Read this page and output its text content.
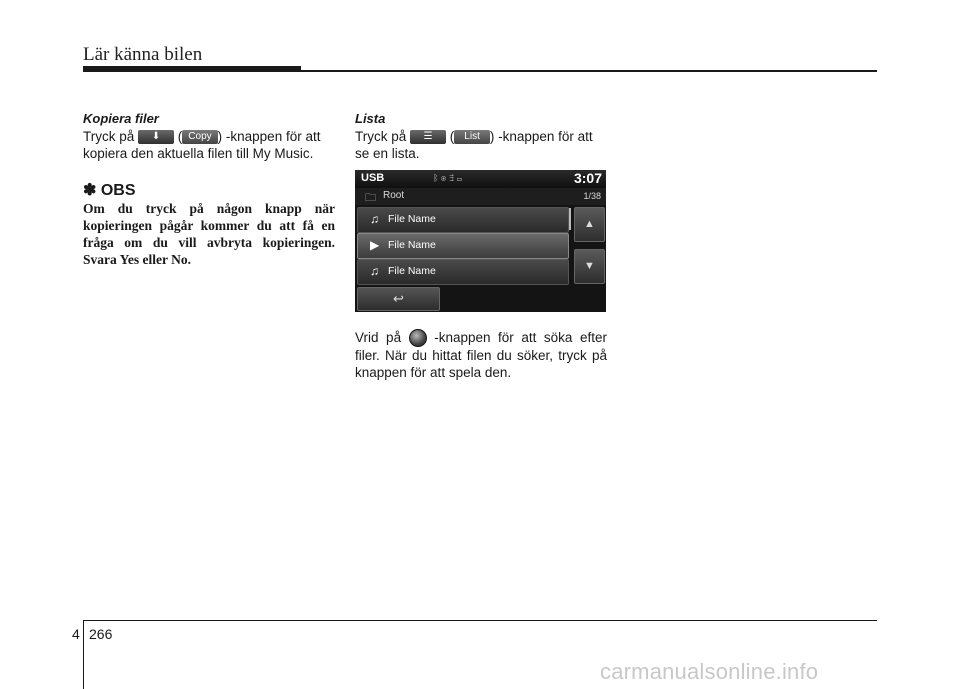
Lär känna bilen
Kopiera filer
Tryck på ⬇ ( Copy ) -knappen för att kopiera den aktuella filen till My Music.
✽ OBS
Om du tryck på någon knapp när kopieringen pågår kommer du att få en fråga om du vill avbryta kopieringen. Svara Yes eller No.
Lista
Tryck på ☰ ( List ) -knappen för att se en lista.
USB	ᛒ ◉ ⇶ ▭	3:07
🗀 Root	1/38
♫ File Name
▶ File Name
♫ File Name
▲
▼
↩
Vrid på -knappen för att söka efter filer. När du hittat filen du söker, tryck på knappen för att spela den.
4 266
carmanualsonline.info
